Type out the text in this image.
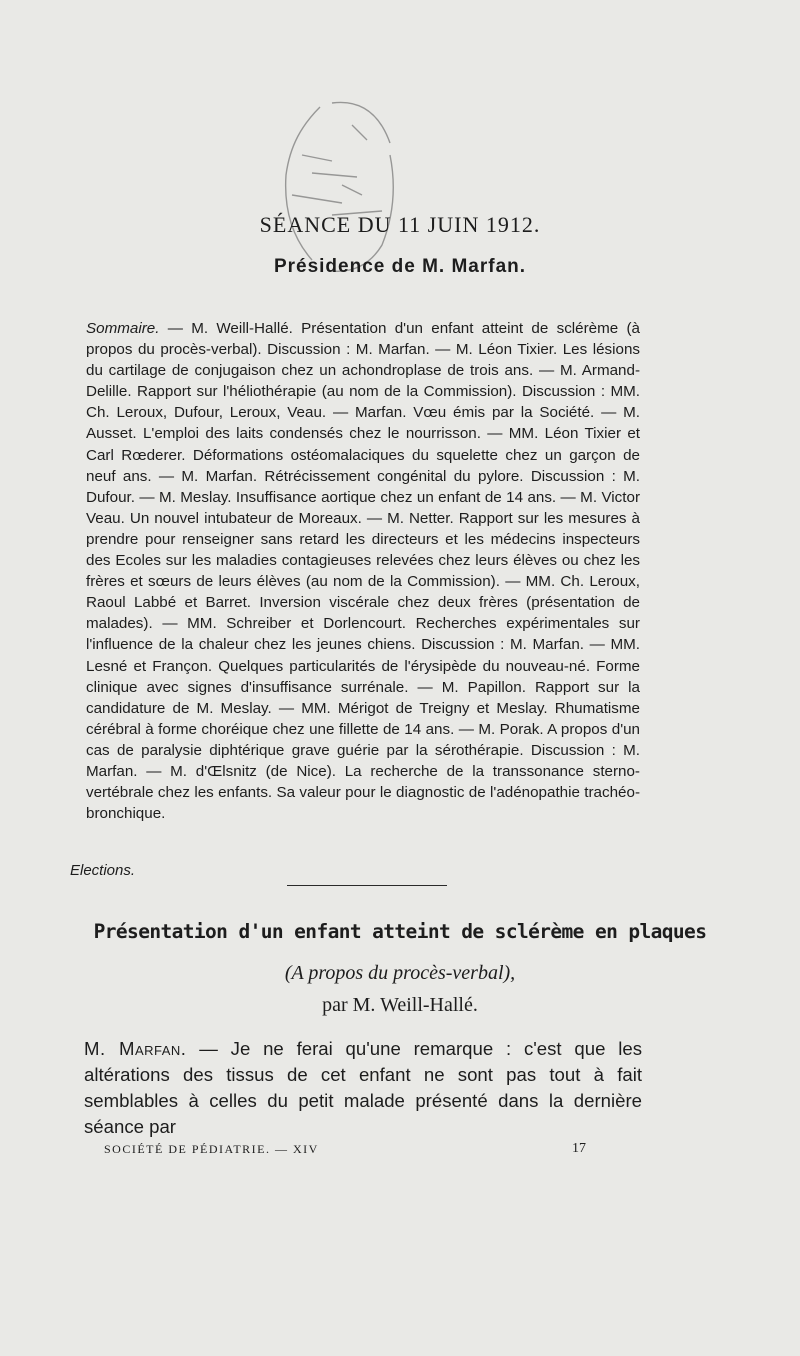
SÉANCE DU 11 JUIN 1912.
Présidence de M. Marfan.
Sommaire. — M. Weill-Hallé. Présentation d'un enfant atteint de sclérème (à propos du procès-verbal). Discussion : M. Marfan. — M. Léon Tixier. Les lésions du cartilage de conjugaison chez un achondroplase de trois ans. — M. Armand-Delille. Rapport sur l'héliothérapie (au nom de la Commission). Discussion : MM. Ch. Leroux, Dufour, Leroux, Veau. — Marfan. Vœu émis par la Société. — M. Ausset. L'emploi des laits condensés chez le nourrisson. — MM. Léon Tixier et Carl Rœderer. Déformations ostéomalaciques du squelette chez un garçon de neuf ans. — M. Marfan. Rétrécissement congénital du pylore. Discussion : M. Dufour. — M. Meslay. Insuffisance aortique chez un enfant de 14 ans. — M. Victor Veau. Un nouvel intubateur de Moreaux. — M. Netter. Rapport sur les mesures à prendre pour renseigner sans retard les directeurs et les médecins inspecteurs des Ecoles sur les maladies contagieuses relevées chez leurs élèves ou chez les frères et sœurs de leurs élèves (au nom de la Commission). — MM. Ch. Leroux, Raoul Labbé et Barret. Inversion viscérale chez deux frères (présentation de malades). — MM. Schreiber et Dorlencourt. Recherches expérimentales sur l'influence de la chaleur chez les jeunes chiens. Discussion : M. Marfan. — MM. Lesné et Françon. Quelques particularités de l'érysipède du nouveau-né. Forme clinique avec signes d'insuffisance surrénale. — M. Papillon. Rapport sur la candidature de M. Meslay. — MM. Mérigot de Treigny et Meslay. Rhumatisme cérébral à forme choréique chez une fillette de 14 ans. — M. Porak. A propos d'un cas de paralysie diphtérique grave guérie par la sérothérapie. Discussion : M. Marfan. — M. d'Œlsnitz (de Nice). La recherche de la transsonance sterno-vertébrale chez les enfants. Sa valeur pour le diagnostic de l'adénopathie trachéo-bronchique.
Elections.
Présentation d'un enfant atteint de sclérème en plaques
(A propos du procès-verbal),
par M. Weill-Hallé.
M. Marfan. — Je ne ferai qu'une remarque : c'est que les altérations des tissus de cet enfant ne sont pas tout à fait semblables à celles du petit malade présenté dans la dernière séance par
SOCIÉTÉ DE PÉDIATRIE. — XIV	17
